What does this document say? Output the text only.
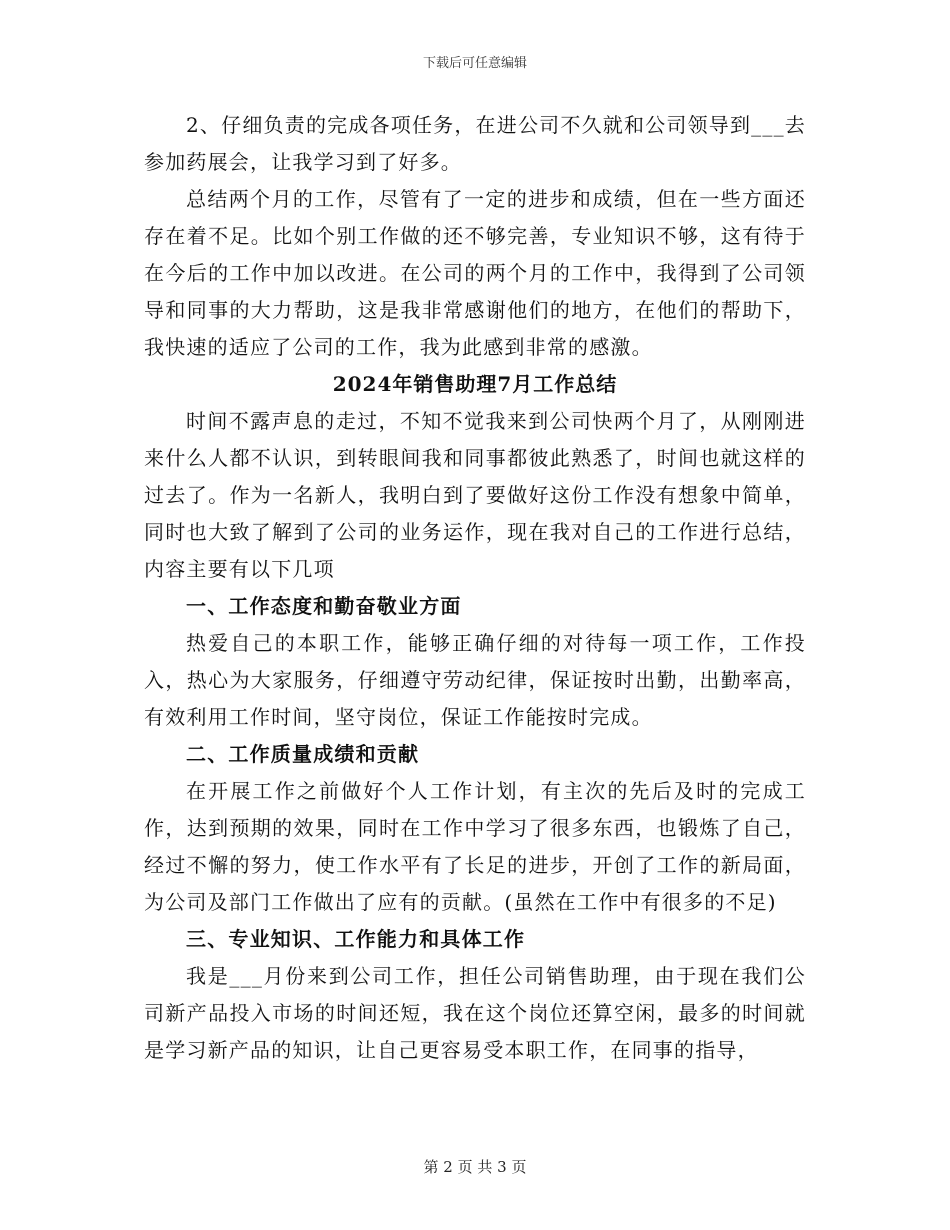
下载后可任意编辑

2、仔细负责的完成各项任务，在进公司不久就和公司领导到___去参加药展会，让我学习到了好多。

总结两个月的工作，尽管有了一定的进步和成绩，但在一些方面还存在着不足。比如个别工作做的还不够完善，专业知识不够，这有待于在今后的工作中加以改进。在公司的两个月的工作中，我得到了公司领导和同事的大力帮助，这是我非常感谢他们的地方，在他们的帮助下，我快速的适应了公司的工作，我为此感到非常的感激。

2024年销售助理7月工作总结

时间不露声息的走过，不知不觉我来到公司快两个月了，从刚刚进来什么人都不认识，到转眼间我和同事都彼此熟悉了，时间也就这样的过去了。作为一名新人，我明白到了要做好这份工作没有想象中简单，同时也大致了解到了公司的业务运作，现在我对自己的工作进行总结，内容主要有以下几项

一、工作态度和勤奋敬业方面

热爱自己的本职工作，能够正确仔细的对待每一项工作，工作投入，热心为大家服务，仔细遵守劳动纪律，保证按时出勤，出勤率高，有效利用工作时间，坚守岗位，保证工作能按时完成。

二、工作质量成绩和贡献

在开展工作之前做好个人工作计划，有主次的先后及时的完成工作，达到预期的效果，同时在工作中学习了很多东西，也锻炼了自己，经过不懈的努力，使工作水平有了长足的进步，开创了工作的新局面，为公司及部门工作做出了应有的贡献。(虽然在工作中有很多的不足)

三、专业知识、工作能力和具体工作

我是___月份来到公司工作，担任公司销售助理，由于现在我们公司新产品投入市场的时间还短，我在这个岗位还算空闲，最多的时间就是学习新产品的知识，让自己更容易受本职工作，在同事的指导，

第 2 页 共 3 页
